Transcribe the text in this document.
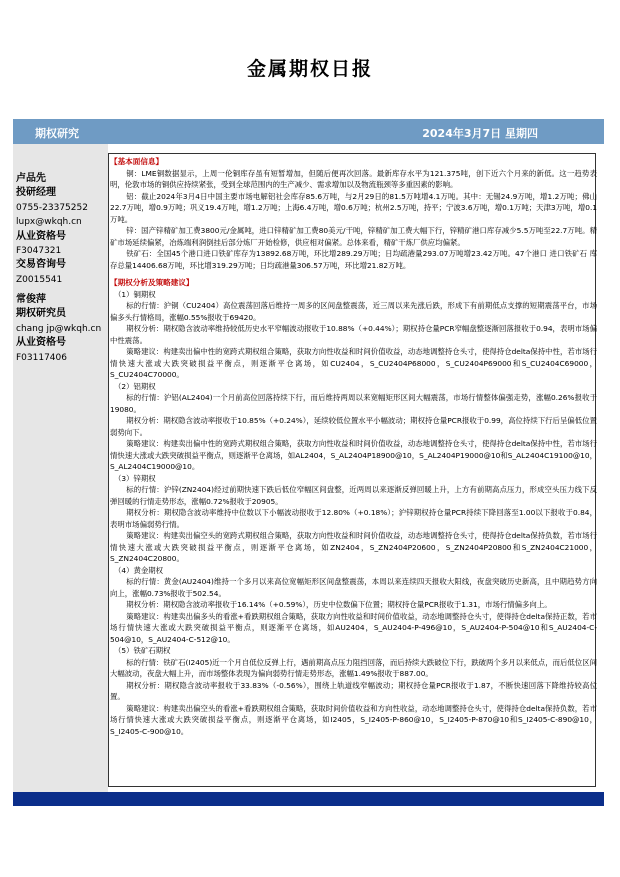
金属期权日报
期权研究	2024年3月7日 星期四
卢品先
投研经理
0755-23375252
lupx@wkqh.cn
从业资格号
F3047321
交易咨询号
Z0015541
常俊萍
期权研究员
chang jp@wkqh.cn
从业资格号
F03117406

【基本面信息】

铜：LME铜数据显示，上周一伦铜库存虽有短暂增加，但随后便再次回落。最新库存水平为121.375吨，创下近六个月来的新低。这一趋势表明，伦敦市场的铜供应持续紧张，受到全球范围内的生产减少、需求增加以及物流瓶颈等多重因素的影响。

铝：截止2024年3月4日中国主要市场电解铝社会库存85.6万吨，与2月29日的81.5万吨增4.1万吨。其中：无锡24.9万吨，增1.2万吨；佛山22.7万吨，增0.9万吨；巩义19.4万吨，增1.2万吨；上海6.4万吨，增0.6万吨；杭州2.5万吨，持平；宁波3.6万吨，增0.1万吨；天津3万吨，增0.1万吨。

锌：国产锌精矿加工费3800元/金属吨，进口锌精矿加工费80美元/干吨，锌精矿加工费大幅下行，锌精矿港口库存减少5.5万吨至22.7万吨。精矿市场延续偏紧，冶炼端利润倒挂后部分炼厂开始检修，供应相对偏紧。总体来看，精矿干炼厂供应均偏紧。

铁矿石：全国45个港口进口铁矿库存为13892.68万吨，环比增289.29万吨；日均疏港量293.07万吨增23.42万吨。47个港口 进口铁矿石 库存总量14406.68万吨，环比增319.29万吨；日均疏港量306.57万吨，环比增21.82万吨。

【期权分析及策略建议】

（1）铜期权

标的行情：沪铜（CU2404）高位震荡回落后维持一周多的区间盘整震荡，近三周以来先涨后跌，形成下有前期低点支撑的短期震荡平台，市场偏多头行情格局，涨幅0.55%报收于69420。

期权分析：期权隐含波动率维持较低历史水平窄幅波动报收于10.88%（+0.44%）；期权持仓量PCR窄幅盘整逐渐回落报收于0.94，表明市场偏中性震荡。

策略建议：构建卖出偏中性的宽跨式期权组合策略，获取方向性收益和时间价值收益，动态地调整持仓头寸，使得持仓delta保持中性，若市场行情快速大涨或大跌突破损益平衡点，则逐渐平仓离场，如CU2404，S_CU2404P68000，S_CU2404P69000和S_CU2404C69000，S_CU2404C70000。

（2）铝期权

标的行情：沪铝(AL2404)一个月前高位回落持续下行，而后维持两周以来宽幅矩形区间大幅震荡，市场行情整体偏强走势，涨幅0.26%报收于19080。

期权分析：期权隐含波动率报收于10.85%（+0.24%），延续较低位置水平小幅波动；期权持仓量PCR报收于0.99，高位持续下行后呈偏低位置弱势向下。

策略建议：构建卖出偏中性的宽跨式期权组合策略，获取方向性收益和时间价值收益，动态地调整持仓头寸，使得持仓delta保持中性，若市场行情快速大涨或大跌突破损益平衡点，则逐渐平仓离场，如AL2404，S_AL2404P18900@10，S_AL2404P19000@10和S_AL2404C19100@10，S_AL2404C19000@10。

（3）锌期权

标的行情：沪锌(ZN2404)经过前期快速下跌后低位窄幅区间盘整，近两周以来逐渐反弹回暖上升，上方有前期高点压力，形成空头压力线下反弹回暖的行情走势形态，涨幅0.72%报收于20905。

期权分析：期权隐含波动率维持中位数以下小幅波动报收于12.80%（+0.18%）；沪锌期权持仓量PCR持续下降回落至1.00以下报收于0.84，表明市场偏弱势行情。

策略建议：构建卖出偏空头的宽跨式期权组合策略，获取方向性收益和时间价值收益，动态地调整持仓头寸，使得持仓delta保持负数，若市场行情快速大涨或大跌突破损益平衡点，则逐渐平仓离场，如ZN2404，S_ZN2404P20600，S_ZN2404P20800和S_ZN2404C21000，S_ZN2404C20800。

（4）黄金期权

标的行情：黄金(AU2404)维持一个多月以来高位宽幅矩形区间盘整震荡，本周以来连续四天报收大阳线，夜盘突破历史新高，且中期趋势方向向上，涨幅0.73%报收于502.54。

期权分析：期权隐含波动率报收于16.14%（+0.59%），历史中位数偏下位置；期权持仓量PCR报收于1.31，市场行情偏多向上。

策略建议：构建卖出偏多头的看涨+看跌期权组合策略，获取方向性收益和时间价值收益，动态地调整持仓头寸，使得持仓delta保持正数，若市场行情快速大涨或大跌突破损益平衡点，则逐渐平仓离场，如AU2404，S_AU2404-P-496@10，S_AU2404-P-504@10和S_AU2404-C-504@10，S_AU2404-C-512@10。

（5）铁矿石期权

标的行情：铁矿石(I2405)近一个月自低位反弹上行，遇前期高点压力阻挡回落，而后持续大跌破位下行，跌破两个多月以来低点，而后低位区间大幅波动，夜盘大幅上升，而市场整体表现为偏向弱势行情走势形态，涨幅1.49%报收于887.00。

期权分析：期权隐含波动率报收于33.83%（-0.56%），围绕上轨道线窄幅波动；期权持仓量PCR报收于1.87，不断快速回落下降维持较高位置。

策略建议：构建卖出偏空头的看涨+看跌期权组合策略，获取时间价值收益和方向性收益，动态地调整持仓头寸，使得持仓delta保持负数，若市场行情快速大涨或大跌突破损益平衡点，则逐渐平仓离场，如I2405，S_I2405-P-860@10，S_I2405-P-870@10和S_I2405-C-890@10，S_I2405-C-900@10。
